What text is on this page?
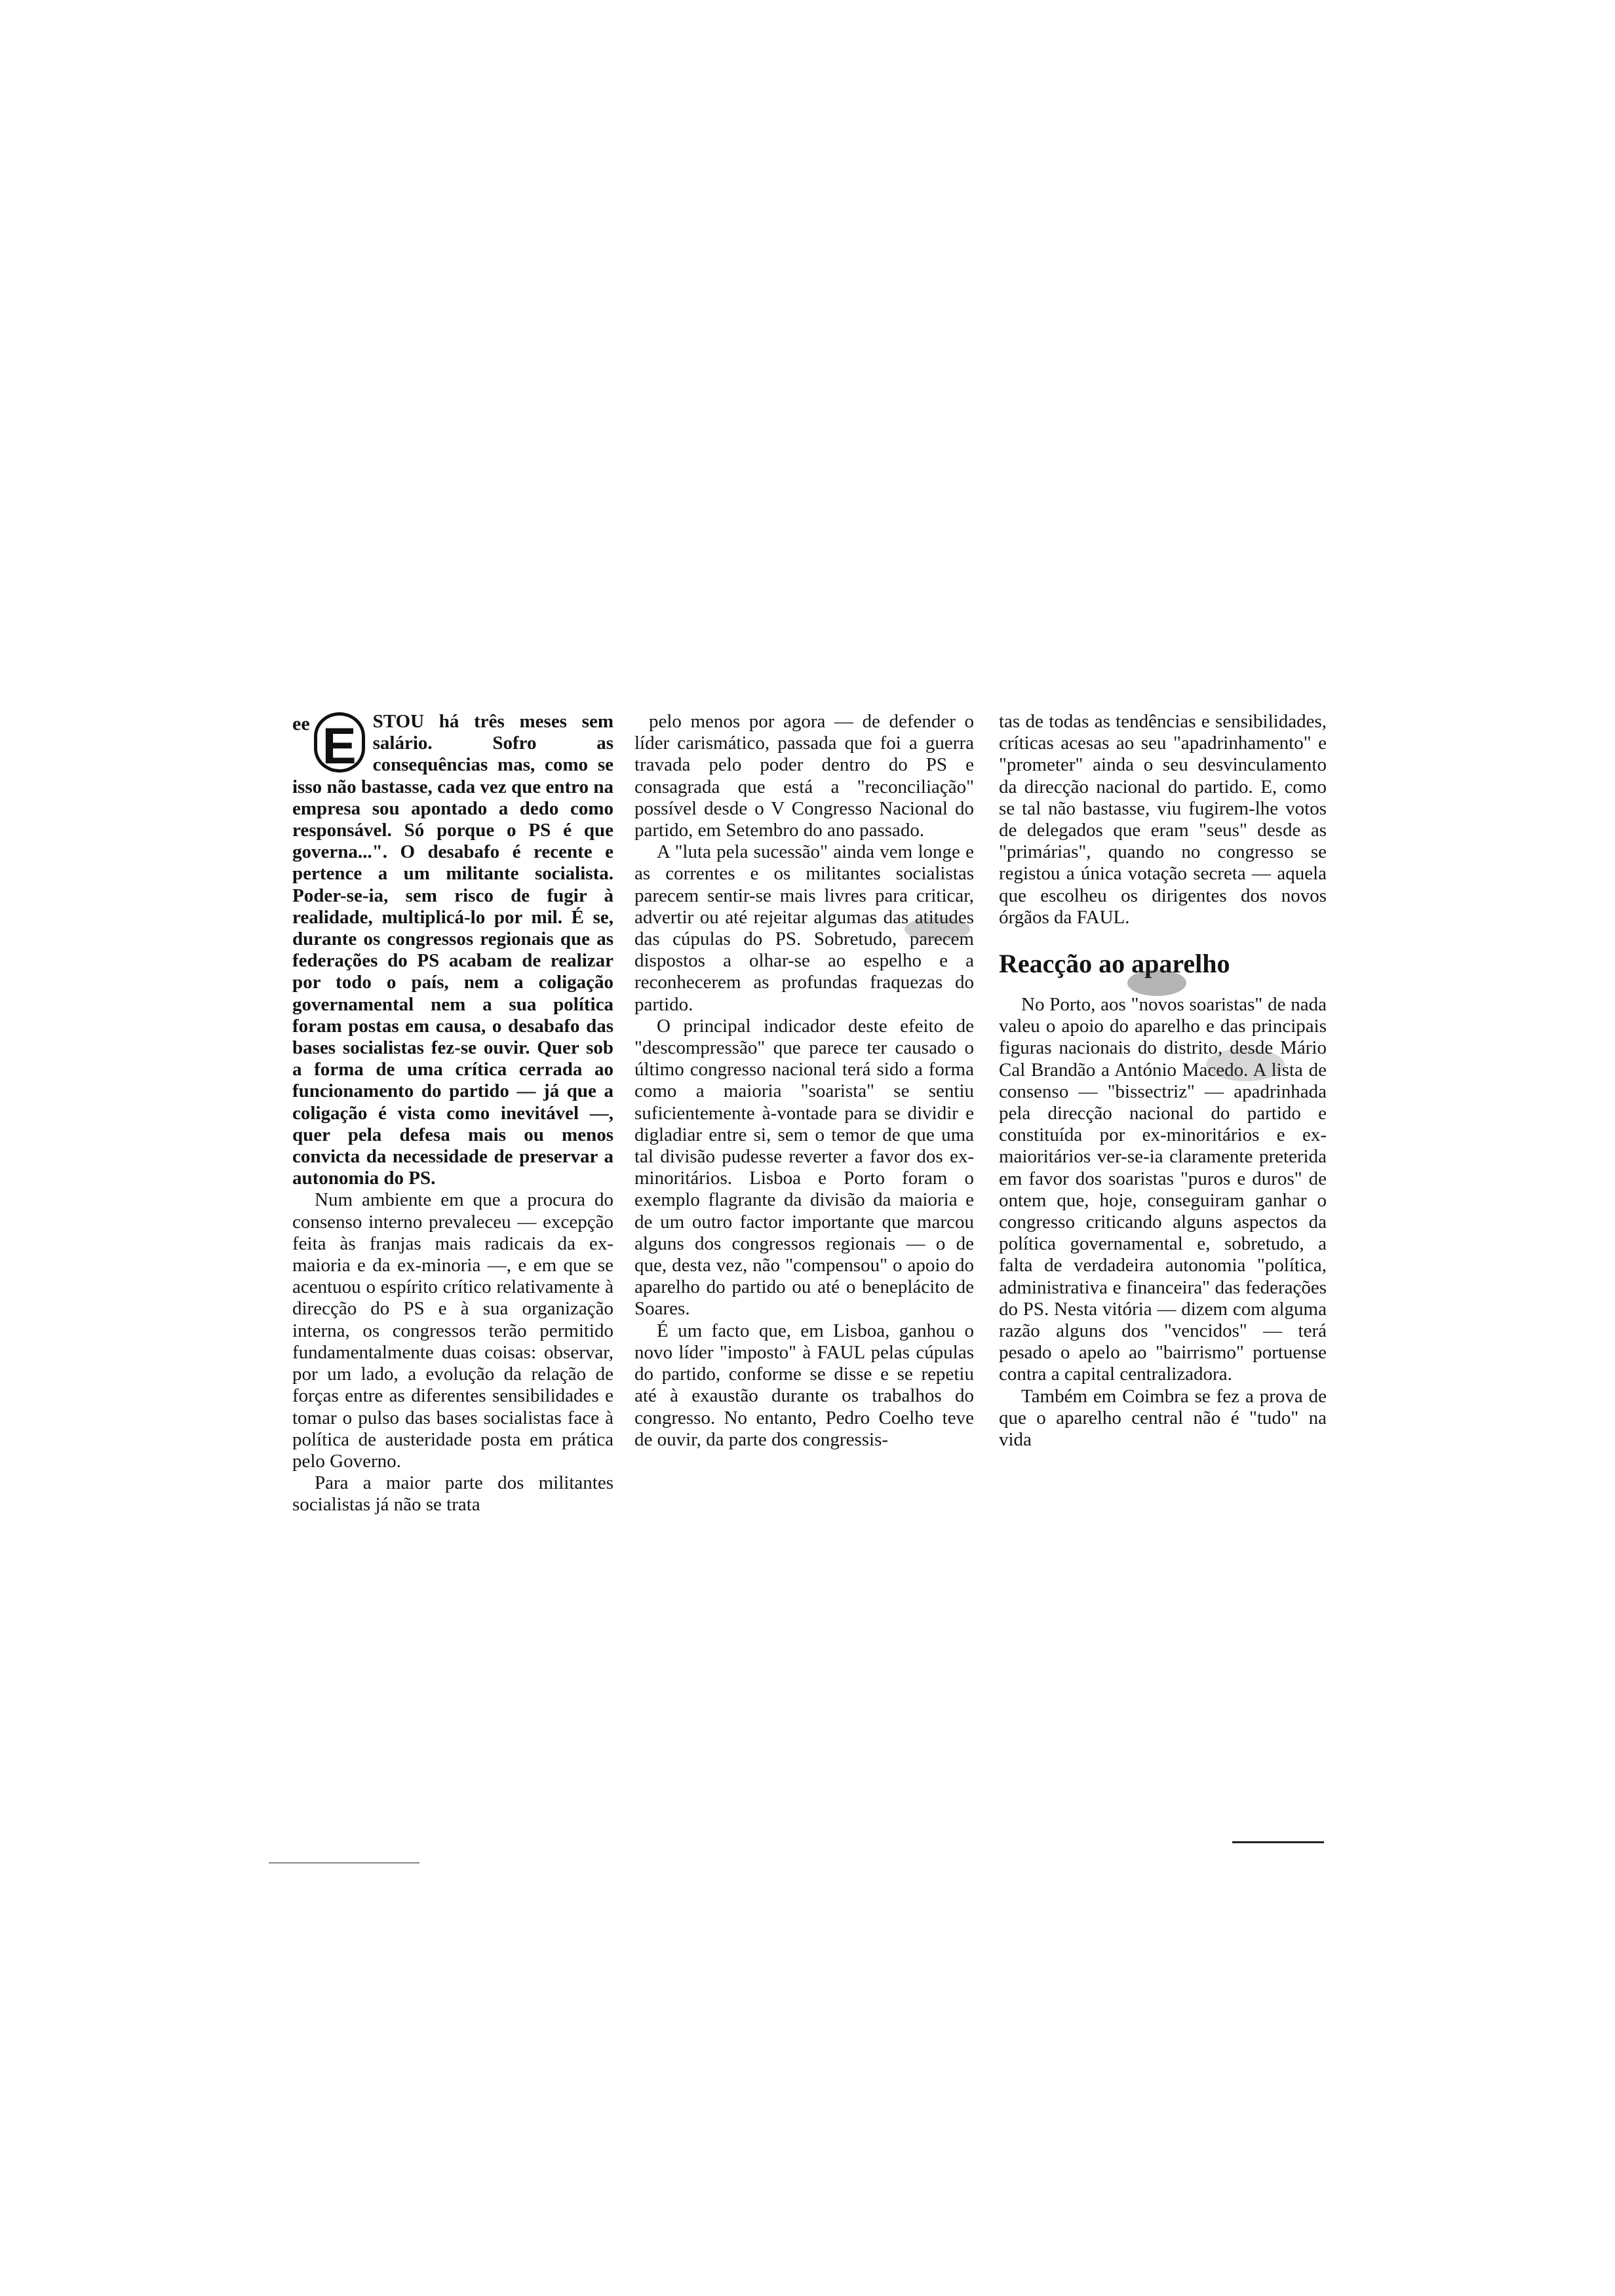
ee E STOU há três meses sem salário. Sofro as consequências mas, como se isso não bastasse, cada vez que entro na empresa sou apontado a dedo como responsável. Só porque o PS é que governa...". O desabafo é recente e pertence a um militante socialista. Poder-se-ia, sem risco de fugir à realidade, multiplicá-lo por mil. É se, durante os congressos regionais que as federações do PS acabam de realizar por todo o país, nem a coligação governamental nem a sua política foram postas em causa, o desabafo das bases socialistas fez-se ouvir. Quer sob a forma de uma crítica cerrada ao funcionamento do partido — já que a coligação é vista como inevitável —, quer pela defesa mais ou menos convicta da necessidade de preservar a autonomia do PS.

Num ambiente em que a procura do consenso interno prevaleceu — excepção feita às franjas mais radicais da ex-maioria e da ex-minoria —, e em que se acentuou o espírito crítico relativamente à direcção do PS e à sua organização interna, os congressos terão permitido fundamentalmente duas coisas: observar, por um lado, a evolução da relação de forças entre as diferentes sensibilidades e tomar o pulso das bases socialistas face à política de austeridade posta em prática pelo Governo.

Para a maior parte dos militantes socialistas já não se trata

pelo menos por agora — de defender o líder carismático, passada que foi a guerra travada pelo poder dentro do PS e consagrada que está a "reconciliação" possível desde o V Congresso Nacional do partido, em Setembro do ano passado.

A "luta pela sucessão" ainda vem longe e as correntes e os militantes socialistas parecem sentir-se mais livres para criticar, advertir ou até rejeitar algumas das atitudes das cúpulas do PS. Sobretudo, parecem dispostos a olhar-se ao espelho e a reconhecerem as profundas fraquezas do partido.

O principal indicador deste efeito de "descompressão" que parece ter causado o último congresso nacional terá sido a forma como a maioria "soarista" se sentiu suficientemente à-vontade para se dividir e digladiar entre si, sem o temor de que uma tal divisão pudesse reverter a favor dos ex-minoritários. Lisboa e Porto foram o exemplo flagrante da divisão da maioria e de um outro factor importante que marcou alguns dos congressos regionais — o de que, desta vez, não "compensou" o apoio do aparelho do partido ou até o beneplácito de Soares.

É um facto que, em Lisboa, ganhou o novo líder "imposto" à FAUL pelas cúpulas do partido, conforme se disse e se repetiu até à exaustão durante os trabalhos do congresso. No entanto, Pedro Coelho teve de ouvir, da parte dos congressis-

tas de todas as tendências e sensibilidades, críticas acesas ao seu "apadrinhamento" e "prometer" ainda o seu desvinculamento da direcção nacional do partido. E, como se tal não bastasse, viu fugirem-lhe votos de delegados que eram "seus" desde as "primárias", quando no congresso se registou a única votação secreta — aquela que escolheu os dirigentes dos novos órgãos da FAUL.

Reacção ao aparelho

No Porto, aos "novos soaristas" de nada valeu o apoio do aparelho e das principais figuras nacionais do distrito, desde Mário Cal Brandão a António Macedo. A lista de consenso — "bissectriz" — apadrinhada pela direcção nacional do partido e constituída por ex-minoritários e ex-maioritários ver-se-ia claramente preterida em favor dos soaristas "puros e duros" de ontem que, hoje, conseguiram ganhar o congresso criticando alguns aspectos da política governamental e, sobretudo, a falta de verdadeira autonomia "política, administrativa e financeira" das federações do PS. Nesta vitória — dizem com alguma razão alguns dos "vencidos" — terá pesado o apelo ao "bairrismo" portuense contra a capital centralizadora.

Também em Coimbra se fez a prova de que o aparelho central não é "tudo" na vida
